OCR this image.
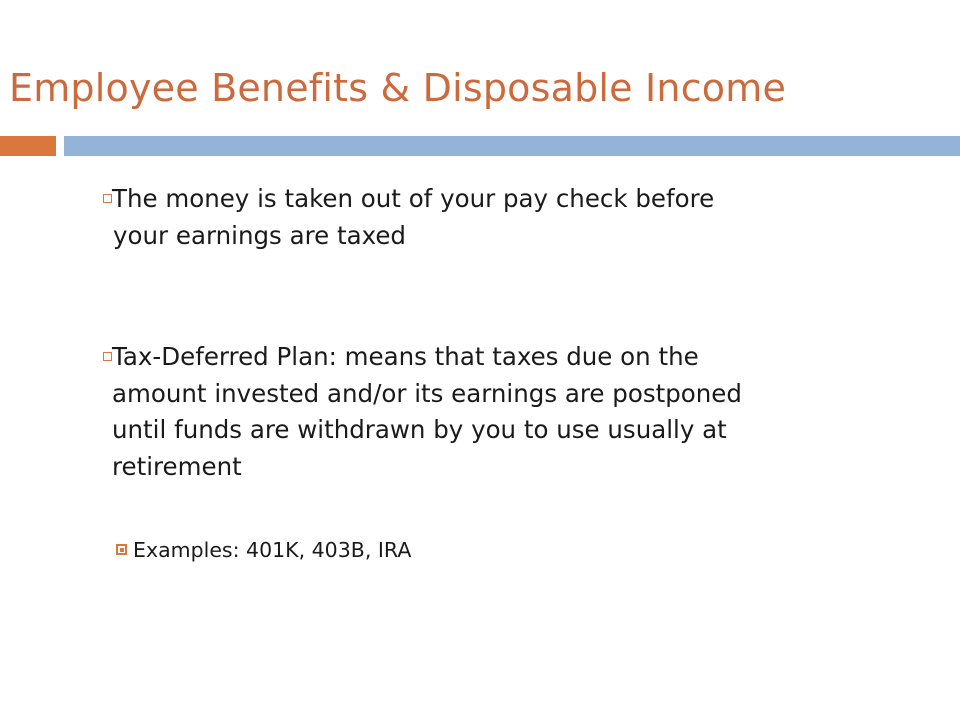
Employee Benefits & Disposable Income
The money is taken out of your pay check before
your earnings are taxed
Tax-Deferred Plan: means that taxes due on the
amount invested and/or its earnings are postponed
until funds are withdrawn by you to use usually at
retirement
Examples: 401K, 403B, IRA
